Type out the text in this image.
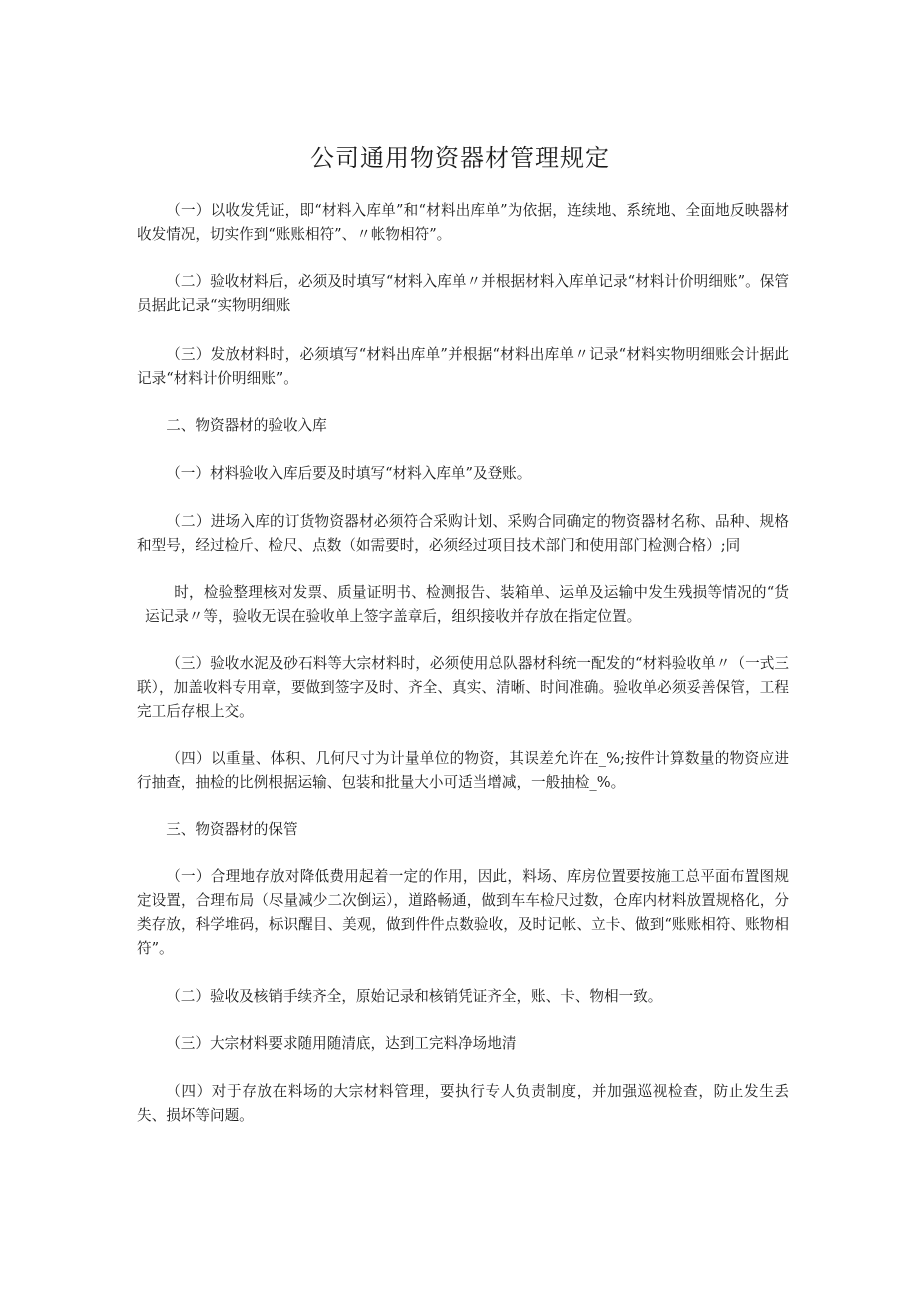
公司通用物资器材管理规定

（一）以收发凭证，即“材料入库单”和“材料出库单”为依据，连续地、系统地、全面地反映器材收发情况，切实作到“账账相符”、〃帐物相符”。

（二）验收材料后，必须及时填写“材料入库单〃并根据材料入库单记录“材料计价明细账”。保管员据此记录“实物明细账

（三）发放材料时，必须填写“材料出库单”并根据“材料出库单〃记录“材料实物明细账会计据此记录“材料计价明细账”。

二、物资器材的验收入库

（一）材料验收入库后要及时填写“材料入库单”及登账。

（二）进场入库的订货物资器材必须符合采购计划、采购合同确定的物资器材名称、品种、规格和型号，经过检斤、检尺、点数（如需要时，必须经过项目技术部门和使用部门检测合格）;同

时，检验整理核对发票、质量证明书、检测报告、装箱单、运单及运输中发生残损等情况的“货运记录〃等，验收无误在验收单上签字盖章后，组织接收并存放在指定位置。

（三）验收水泥及砂石料等大宗材料时，必须使用总队器材科统一配发的“材料验收单〃（一式三联），加盖收料专用章，要做到签字及时、齐全、真实、清晰、时间准确。验收单必须妥善保管，工程完工后存根上交。

（四）以重量、体积、几何尺寸为计量单位的物资，其误差允许在_%;按件计算数量的物资应进行抽查，抽检的比例根据运输、包装和批量大小可适当增减，一般抽检_%。

三、物资器材的保管

（一）合理地存放对降低费用起着一定的作用，因此，料场、库房位置要按施工总平面布置图规定设置，合理布局（尽量减少二次倒运），道路畅通，做到车车检尺过数，仓库内材料放置规格化，分类存放，科学堆码，标识醒目、美观，做到件件点数验收，及时记帐、立卡、做到“账账相符、账物相符”。

（二）验收及核销手续齐全，原始记录和核销凭证齐全，账、卡、物相一致。

（三）大宗材料要求随用随清底，达到工完料净场地清

（四）对于存放在料场的大宗材料管理，要执行专人负责制度，并加强巡视检查，防止发生丢失、损坏等问题。
